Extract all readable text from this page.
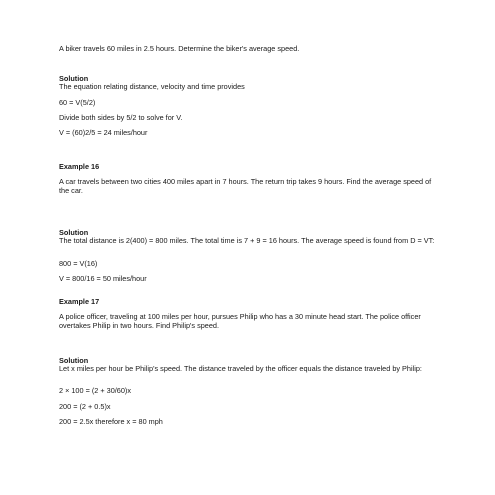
A biker travels 60 miles in 2.5 hours. Determine the biker's average speed.
Solution
The equation relating distance, velocity and time provides
60 = V(5/2)
Divide both sides by 5/2 to solve for V.
V = (60)2/5 = 24 miles/hour
Example 16
A car travels between two cities 400 miles apart in 7 hours. The return trip takes 9 hours. Find the average speed of the car.
Solution
The total distance is 2(400) = 800 miles. The total time is 7 + 9 = 16 hours. The average speed is found from D = VT:
800 = V(16)
V = 800/16 = 50 miles/hour
Example 17
A police officer, traveling at 100 miles per hour, pursues Philip who has a 30 minute head start. The police officer overtakes Philip in two hours. Find Philip's speed.
Solution
Let x miles per hour be Philip's speed. The distance traveled by the officer equals the distance traveled by Philip:
2 × 100 = (2 + 30/60)x
200 = (2 + 0.5)x
200 = 2.5x therefore x = 80 mph
